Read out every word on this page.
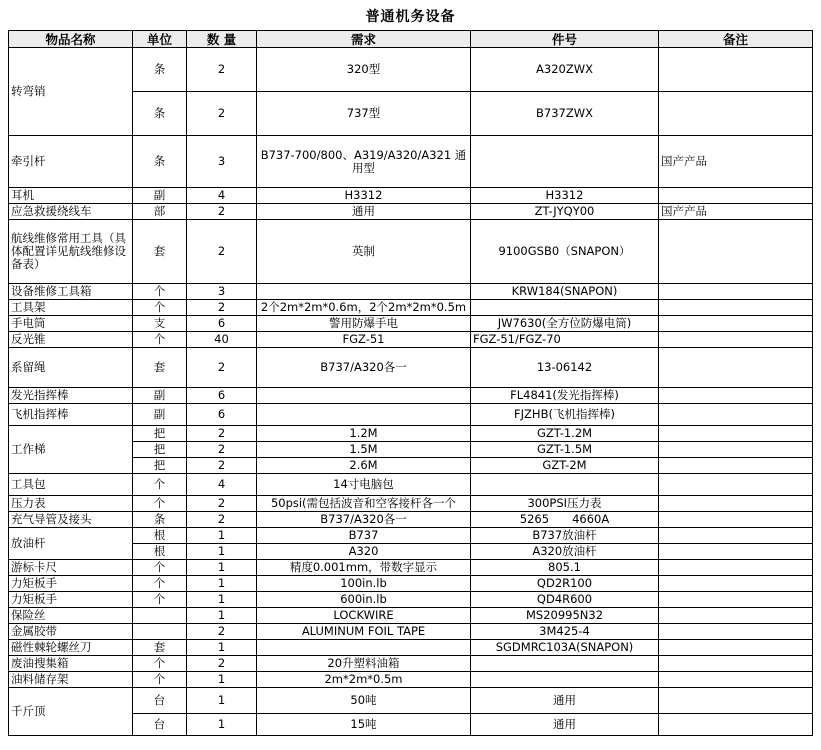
普通机务设备
物品名称	单位	数 量	需求	件号	备注
转弯销	条	2	320型	A320ZWX	
	条	2	737型	B737ZWX	
牵引杆	条	3	B737-700/800、A319/A320/A321 通用型		国产产品
耳机	副	4	H3312	H3312	
应急救援绕线车	部	2	通用	ZT-JYQY00	国产产品
航线维修常用工具（具体配置详见航线维修设备表）	套	2	英制	9100GSB0（SNAPON）	
设备维修工具箱	个	3		KRW184(SNAPON)	
工具架	个	2	2个2m*2m*0.6m，2个2m*2m*0.5m		
手电筒	支	6	警用防爆手电	JW7630(全方位防爆电筒)	
反光锥	个	40	FGZ-51	FGZ-51/FGZ-70	
系留绳	套	2	B737/A320各一	13-06142	
发光指挥棒	副	6		FL4841(发光指挥棒)	
飞机指挥棒	副	6		FJZHB(飞机指挥棒)	
工作梯	把	2	1.2M	GZT-1.2M	
	把	2	1.5M	GZT-1.5M	
	把	2	2.6M	GZT-2M	
工具包	个	4	14寸电脑包		
压力表	个	2	50psi(需包括波音和空客接杆各一个	300PSI压力表	
充气导管及接头	条	2	B737/A320各一	5265　　4660A	
放油杆	根	1	B737	B737放油杆	
	根	1	A320	A320放油杆	
游标卡尺	个	1	精度0.001mm，带数字显示	805.1	
力矩板手	个	1	100in.lb	QD2R100	
力矩板手	个	1	600in.lb	QD4R600	
保险丝		1	LOCKWIRE	MS20995N32	
金属胶带		2	ALUMINUM FOIL TAPE	3M425-4	
磁性棘轮螺丝刀	套	1		SGDMRC103A(SNAPON)	
废油搜集箱	个	2	20升塑料油箱		
油料储存架	个	1	2m*2m*0.5m		
千斤顶	台	1	50吨	通用	
	台	1	15吨	通用	
